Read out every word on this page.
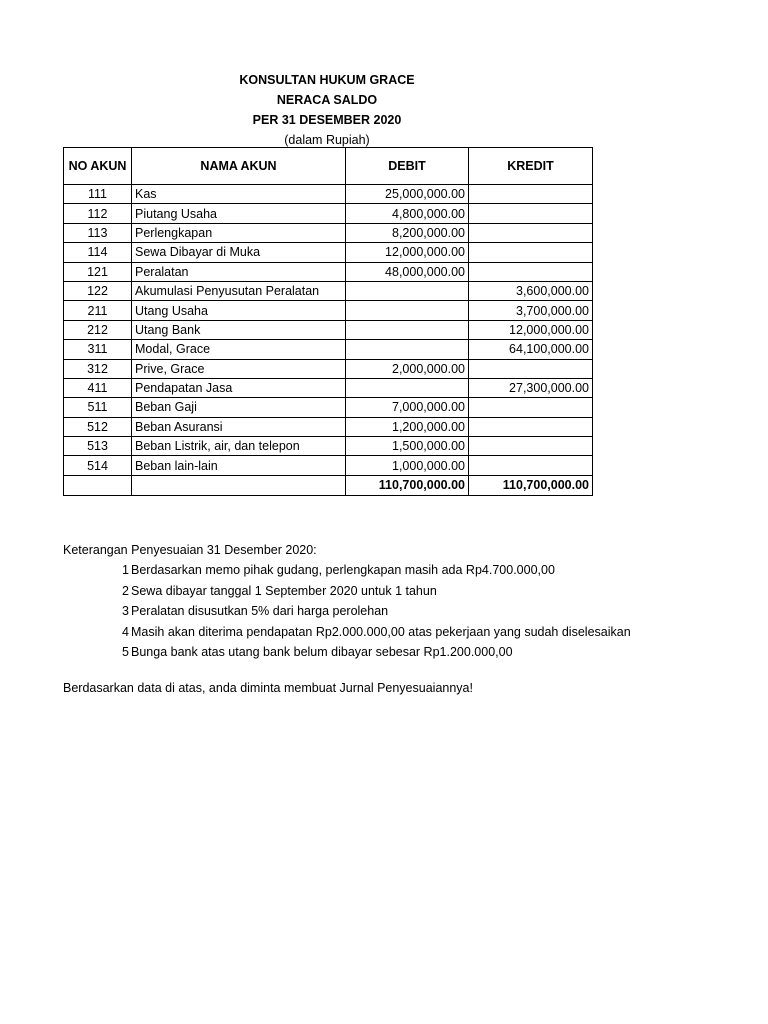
KONSULTAN HUKUM GRACE
NERACA SALDO
PER 31 DESEMBER 2020
(dalam Rupiah)
NO AKUN	NAMA AKUN	DEBIT	KREDIT
111	Kas	25,000,000.00	
112	Piutang Usaha	4,800,000.00	
113	Perlengkapan	8,200,000.00	
114	Sewa Dibayar di Muka	12,000,000.00	
121	Peralatan	48,000,000.00	
122	Akumulasi Penyusutan Peralatan		3,600,000.00
211	Utang Usaha		3,700,000.00
212	Utang Bank		12,000,000.00
311	Modal, Grace		64,100,000.00
312	Prive, Grace	2,000,000.00	
411	Pendapatan Jasa		27,300,000.00
511	Beban Gaji	7,000,000.00	
512	Beban Asuransi	1,200,000.00	
513	Beban Listrik, air, dan telepon	1,500,000.00	
514	Beban lain-lain	1,000,000.00	
		110,700,000.00	110,700,000.00
Keterangan Penyesuaian 31 Desember 2020:
1 Berdasarkan memo pihak gudang, perlengkapan masih ada Rp4.700.000,00
2 Sewa dibayar tanggal 1 September 2020 untuk 1 tahun
3 Peralatan disusutkan 5% dari harga perolehan
4 Masih akan diterima pendapatan Rp2.000.000,00 atas pekerjaan yang sudah diselesaikan
5 Bunga bank atas utang bank belum dibayar sebesar Rp1.200.000,00
Berdasarkan data di atas, anda diminta membuat Jurnal Penyesuaiannya!
